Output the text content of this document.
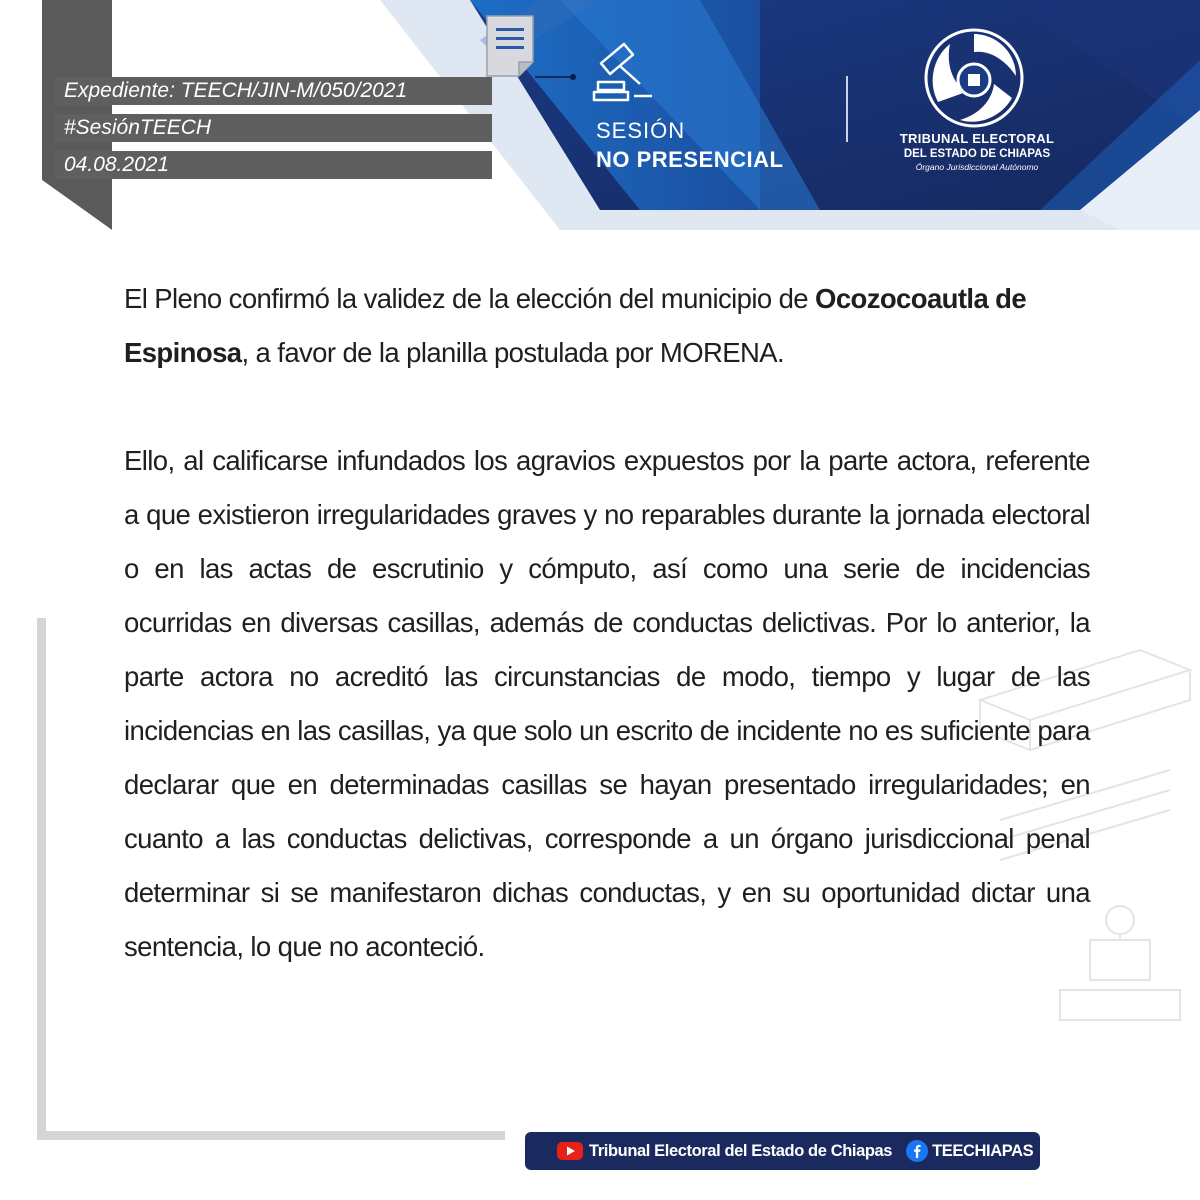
Expediente: TEECH/JIN-M/050/2021
#SesiónTEECH
04.08.2021
SESIÓN
NO PRESENCIAL
TRIBUNAL ELECTORAL
DEL ESTADO DE CHIAPAS
Órgano Jurisdiccional Autónomo

El Pleno confirmó la validez de la elección del municipio de Ocozocoautla de Espinosa, a favor de la planilla postulada por MORENA.

Ello, al calificarse infundados los agravios expuestos por la parte actora, referente a que existieron irregularidades graves y no reparables durante la jornada electoral o en las actas de escrutinio y cómputo, así como una serie de incidencias ocurridas en diversas casillas, además de conductas delictivas. Por lo anterior, la parte actora no acreditó las circunstancias de modo, tiempo y lugar de las incidencias en las casillas, ya que solo un escrito de incidente no es suficiente para declarar que en determinadas casillas se hayan presentado irregularidades; en cuanto a las conductas delictivas, corresponde a un órgano jurisdiccional penal determinar si se manifestaron dichas conductas, y en su oportunidad dictar una sentencia, lo que no aconteció.

Tribunal Electoral del Estado de Chiapas TEECHIAPAS
